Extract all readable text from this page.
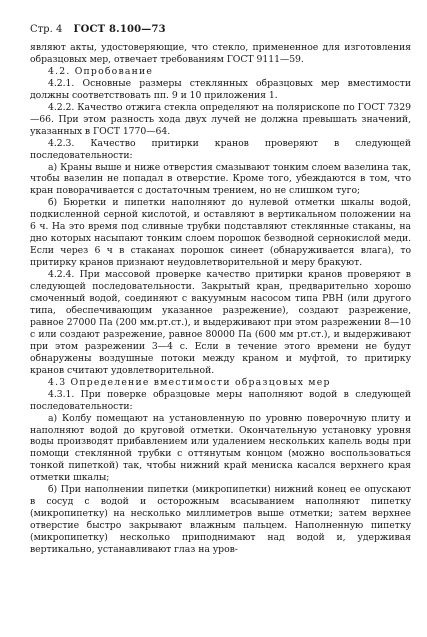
Стр. 4 ГОСТ 8.100—73

являют акты, удостоверяющие, что стекло, примененное для изготовления образцовых мер, отвечает требованиям ГОСТ 9111—59.

4.2. Опробование

4.2.1. Основные размеры стеклянных образцовых мер вместимости должны соответствовать пп. 9 и 10 приложения 1.

4.2.2. Качество отжига стекла определяют на полярископе по ГОСТ 7329—66. При этом разность хода двух лучей не должна превышать значений, указанных в ГОСТ 1770—64.

4.2.3. Качество притирки кранов проверяют в следующей последовательности:

а) Краны выше и ниже отверстия смазывают тонким слоем вазелина так, чтобы вазелин не попадал в отверстие. Кроме того, убеждаются в том, что кран поворачивается с достаточным трением, но не слишком туго;

б) Бюретки и пипетки наполняют до нулевой отметки шкалы водой, подкисленной серной кислотой, и оставляют в вертикальном положении на 6 ч. На это время под сливные трубки подставляют стеклянные стаканы, на дно которых насыпают тонким слоем порошок безводной сернокислой меди. Если через 6 ч в стаканах порошок синеет (обнаруживается влага), то притирку кранов признают неудовлетворительной и меру бракуют.

4.2.4. При массовой проверке качество притирки кранов проверяют в следующей последовательности. Закрытый кран, предварительно хорошо смоченный водой, соединяют с вакуумным насосом типа РВН (или другого типа, обеспечивающим указанное разрежение), создают разрежение, равное 27000 Па (200 мм.рт.ст.), и выдерживают при этом разрежении 8—10 с или создают разрежение, равное 80000 Па (600 мм рт.ст.), и выдерживают при этом разрежении 3—4 с. Если в течение этого времени не будут обнаружены воздушные потоки между краном и муфтой, то притирку кранов считают удовлетворительной.

4.3 Определение вместимости образцовых мер

4.3.1. При поверке образцовые меры наполняют водой в следующей последовательности:

а) Колбу помещают на установленную по уровню поверочную плиту и наполняют водой до круговой отметки. Окончательную установку уровня воды производят прибавлением или удалением нескольких капель воды при помощи стеклянной трубки с оттянутым концом (можно воспользоваться тонкой пипеткой) так, чтобы нижний край мениска касался верхнего края отметки шкалы;

б) При наполнении пипетки (микропипетки) нижний конец ее опускают в сосуд с водой и осторожным всасыванием наполняют пипетку (микропипетку) на несколько миллиметров выше отметки; затем верхнее отверстие быстро закрывают влажным пальцем. Наполненную пипетку (микропипетку) несколько приподнимают над водой и, удерживая вертикально, устанавливают глаз на уров-
